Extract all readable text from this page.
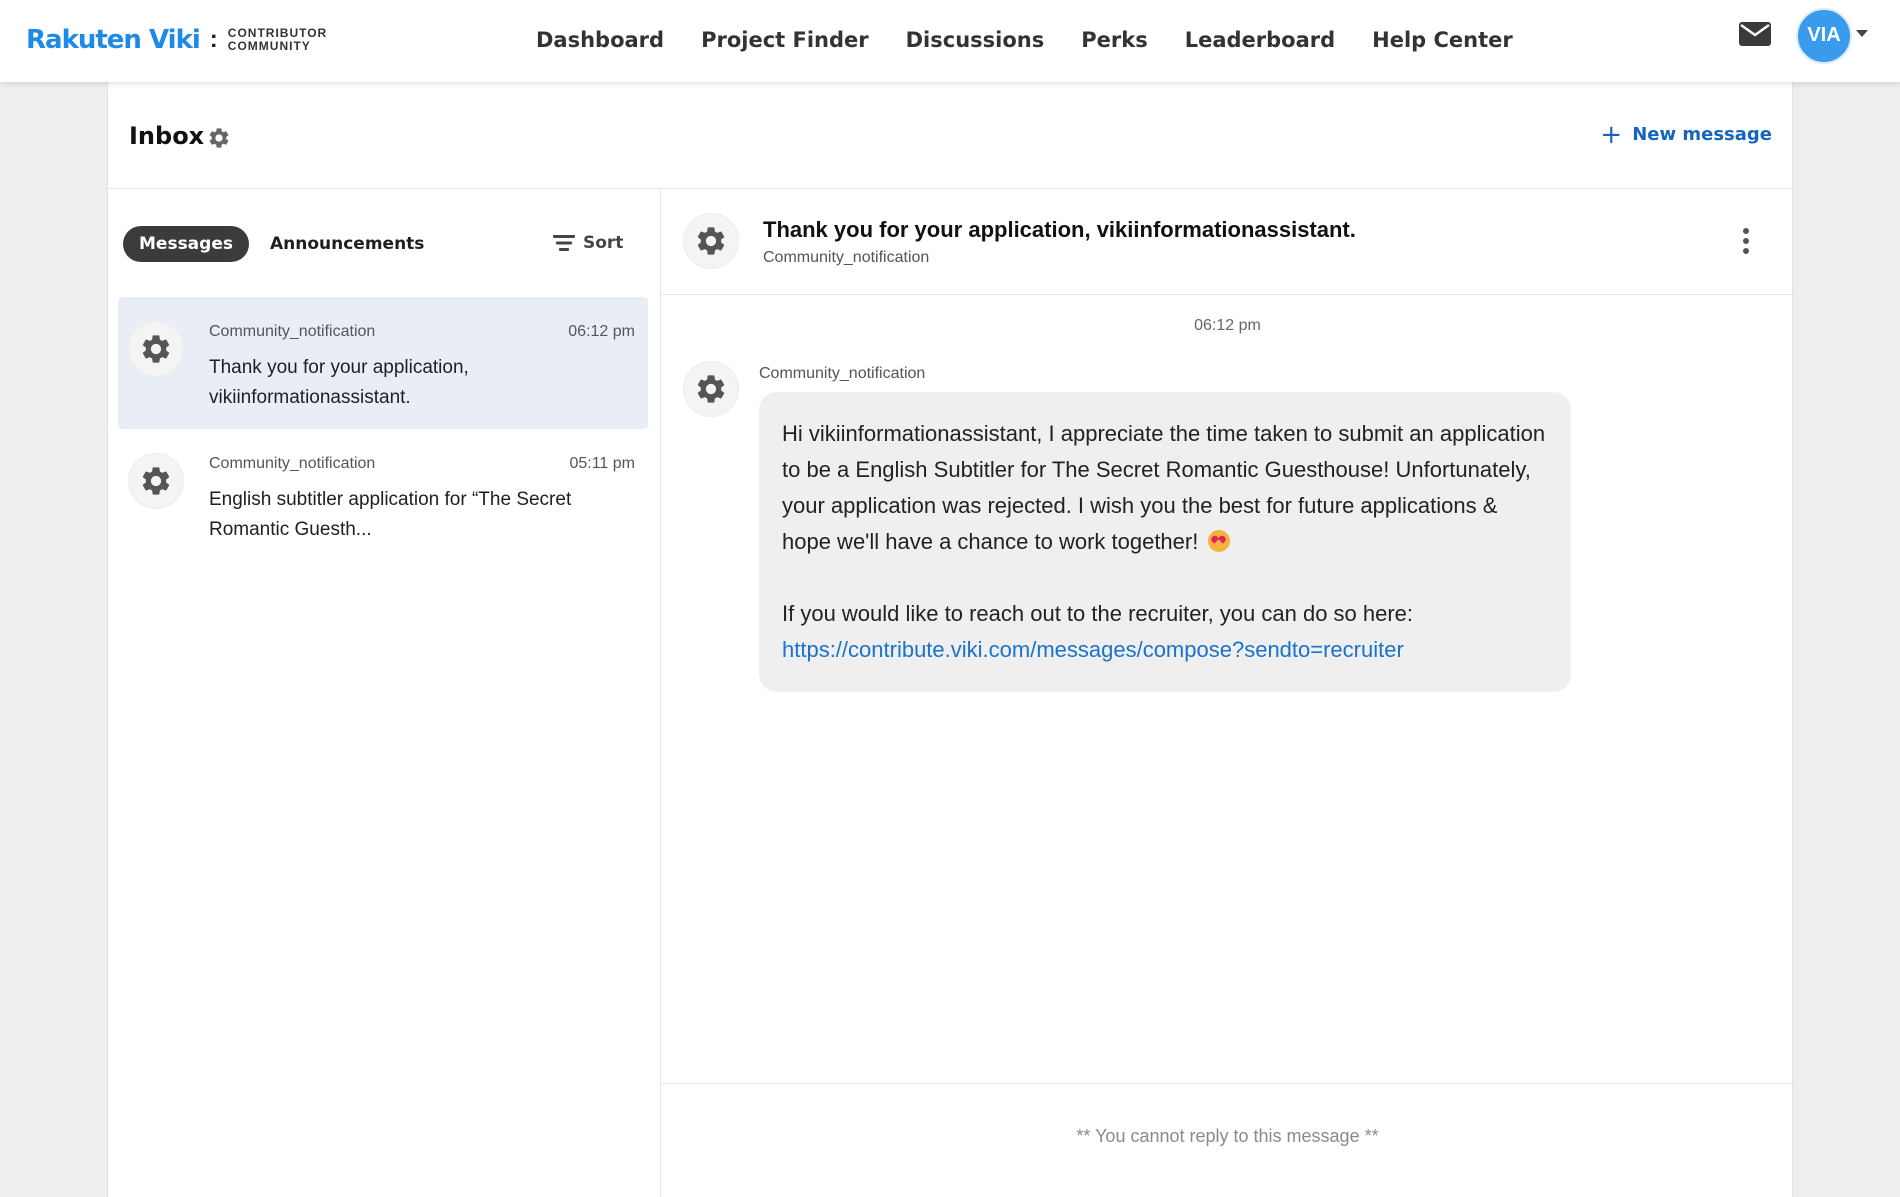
Rakuten Viki : CONTRIBUTOR
COMMUNITY	Dashboard Project Finder Discussions Perks Leaderboard Help Center	VIA
Inbox	+ New message
Messages	Announcements	Sort
Community_notification	06:12 pm
Thank you for your application, vikiinformationassistant.
Community_notification	05:11 pm
English subtitler application for “The Secret Romantic Guesth...
Thank you for your application, vikiinformationassistant.
Community_notification
06:12 pm
Community_notification

Hi vikiinformationassistant, I appreciate the time taken to submit an application to be a English Subtitler for The Secret Romantic Guesthouse! Unfortunately, your application was rejected. I wish you the best for future applications & hope we'll have a chance to work together!

If you would like to reach out to the recruiter, you can do so here:
https://contribute.viki.com/messages/compose?sendto=recruiter

** You cannot reply to this message **
